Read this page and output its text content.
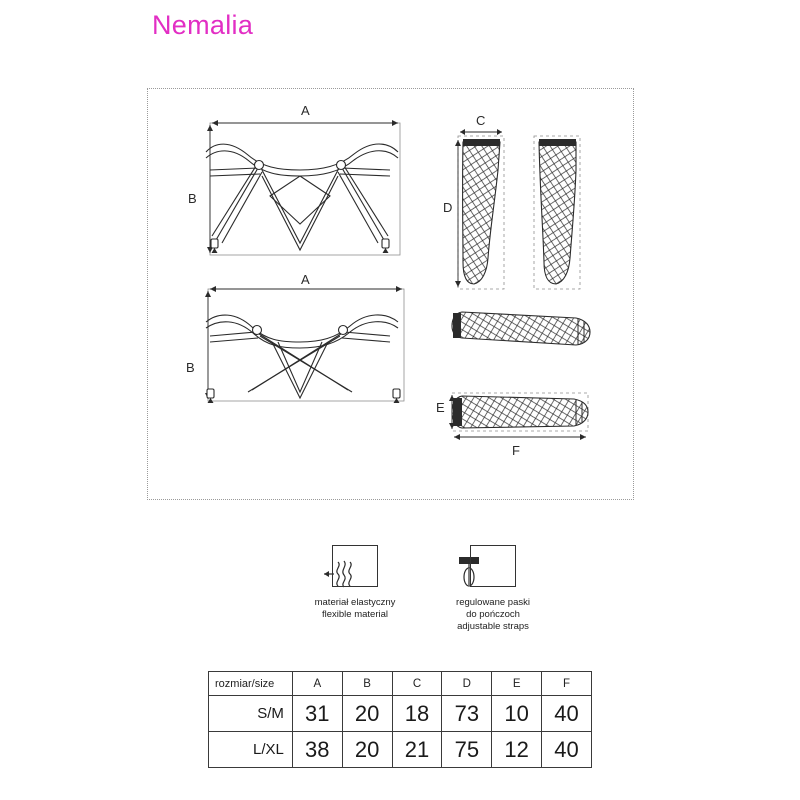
Nemalia
A
B
A
B
C
D
E
F
materiał elastyczny
flexible material
regulowane paski
do pończoch
adjustable straps
rozmiar/size	A	B	C	D	E	F
S/M	31	20	18	73	10	40
L/XL	38	20	21	75	12	40
